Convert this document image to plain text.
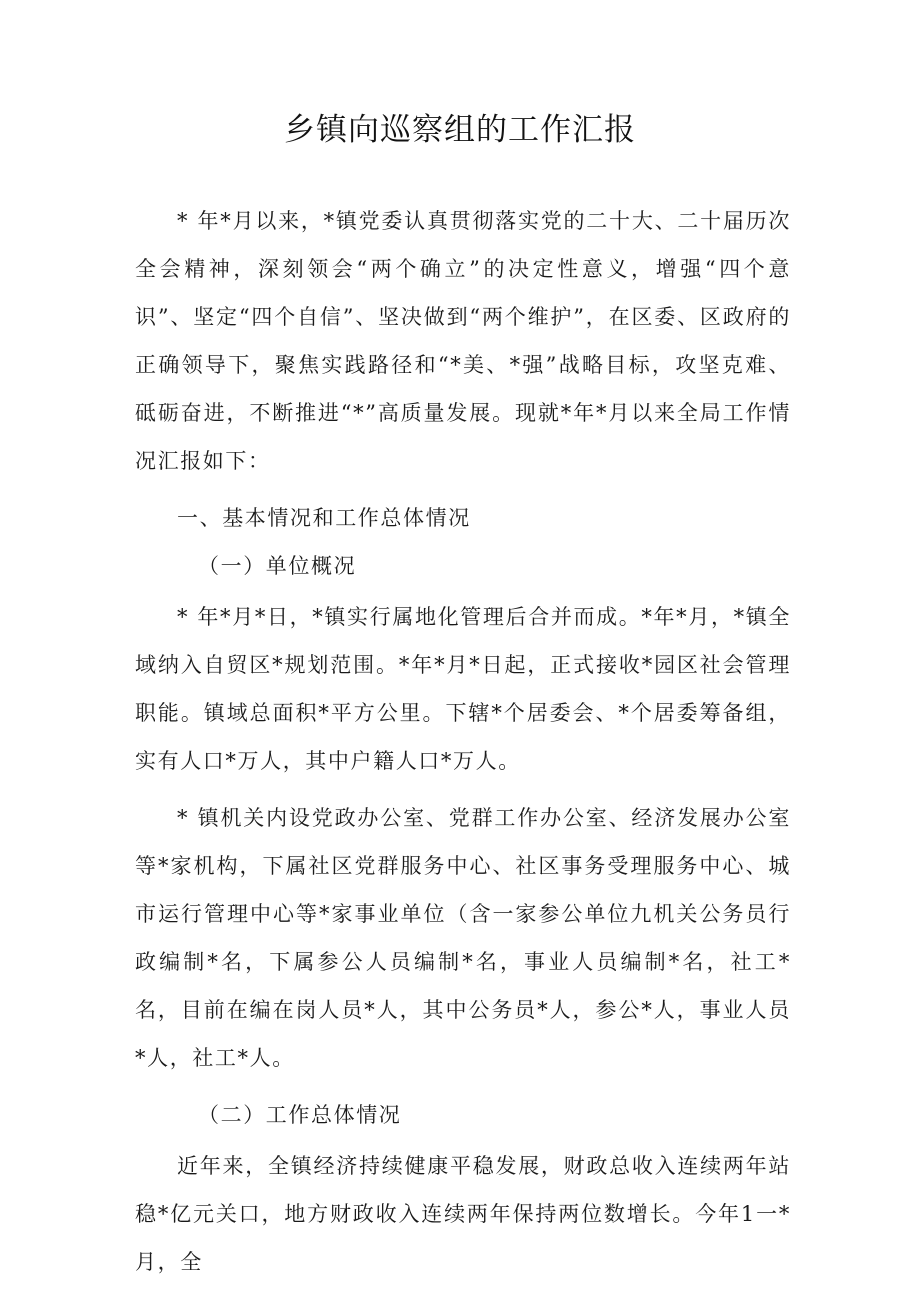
乡镇向巡察组的工作汇报

* 年*月以来，*镇党委认真贯彻落实党的二十大、二十届历次全会精神，深刻领会“两个确立”的决定性意义，增强“四个意识”、坚定“四个自信”、坚决做到“两个维护”，在区委、区政府的正确领导下，聚焦实践路径和“*美、*强”战略目标，攻坚克难、砥砺奋进，不断推进“*”高质量发展。现就*年*月以来全局工作情况汇报如下：

一、基本情况和工作总体情况

（一）单位概况

* 年*月*日，*镇实行属地化管理后合并而成。*年*月，*镇全域纳入自贸区*规划范围。*年*月*日起，正式接收*园区社会管理职能。镇域总面积*平方公里。下辖*个居委会、*个居委筹备组，实有人口*万人，其中户籍人口*万人。

* 镇机关内设党政办公室、党群工作办公室、经济发展办公室等*家机构，下属社区党群服务中心、社区事务受理服务中心、城市运行管理中心等*家事业单位（含一家参公单位九机关公务员行政编制*名，下属参公人员编制*名，事业人员编制*名，社工*名，目前在编在岗人员*人，其中公务员*人，参公*人，事业人员*人，社工*人。

（二）工作总体情况

近年来，全镇经济持续健康平稳发展，财政总收入连续两年站稳*亿元关口，地方财政收入连续两年保持两位数增长。今年1一*月，全
